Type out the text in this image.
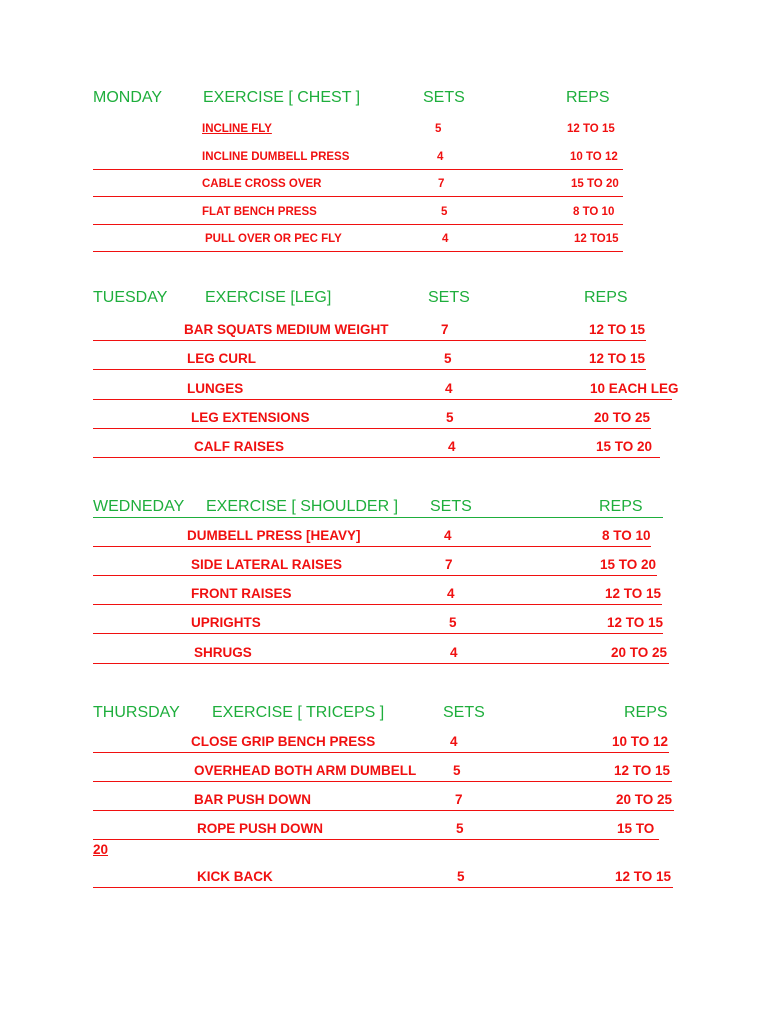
MONDAY	EXERCISE [ CHEST ]	SETS	REPS
INCLINE FLY	5	12 TO 15
INCLINE DUMBELL PRESS	4	10 TO 12
CABLE CROSS OVER	7	15 TO 20
FLAT BENCH PRESS	5	8 TO 10
PULL OVER OR PEC FLY	4	12 TO15
TUESDAY EXERCISE [LEG]	SETS	REPS
BAR SQUATS MEDIUM WEIGHT	7	12 TO 15
LEG CURL	5	12 TO 15
LUNGES	4	10 EACH LEG
LEG EXTENSIONS	5	20 TO 25
CALF RAISES	4	15 TO 20
WEDNEDAY EXERCISE [ SHOULDER ] SETS	REPS
DUMBELL PRESS [HEAVY]	4	8 TO 10
SIDE LATERAL RAISES	7	15 TO 20
FRONT RAISES	4	12 TO 15
UPRIGHTS	5	12 TO 15
SHRUGS	4	20 TO 25
THURSDAY EXERCISE [ TRICEPS ]	SETS	REPS
CLOSE GRIP BENCH PRESS	4	10 TO 12
OVERHEAD BOTH ARM DUMBELL	5	12 TO 15
BAR PUSH DOWN	7	20 TO 25
ROPE PUSH DOWN	5	15 TO
20
KICK BACK	5	12 TO 15
